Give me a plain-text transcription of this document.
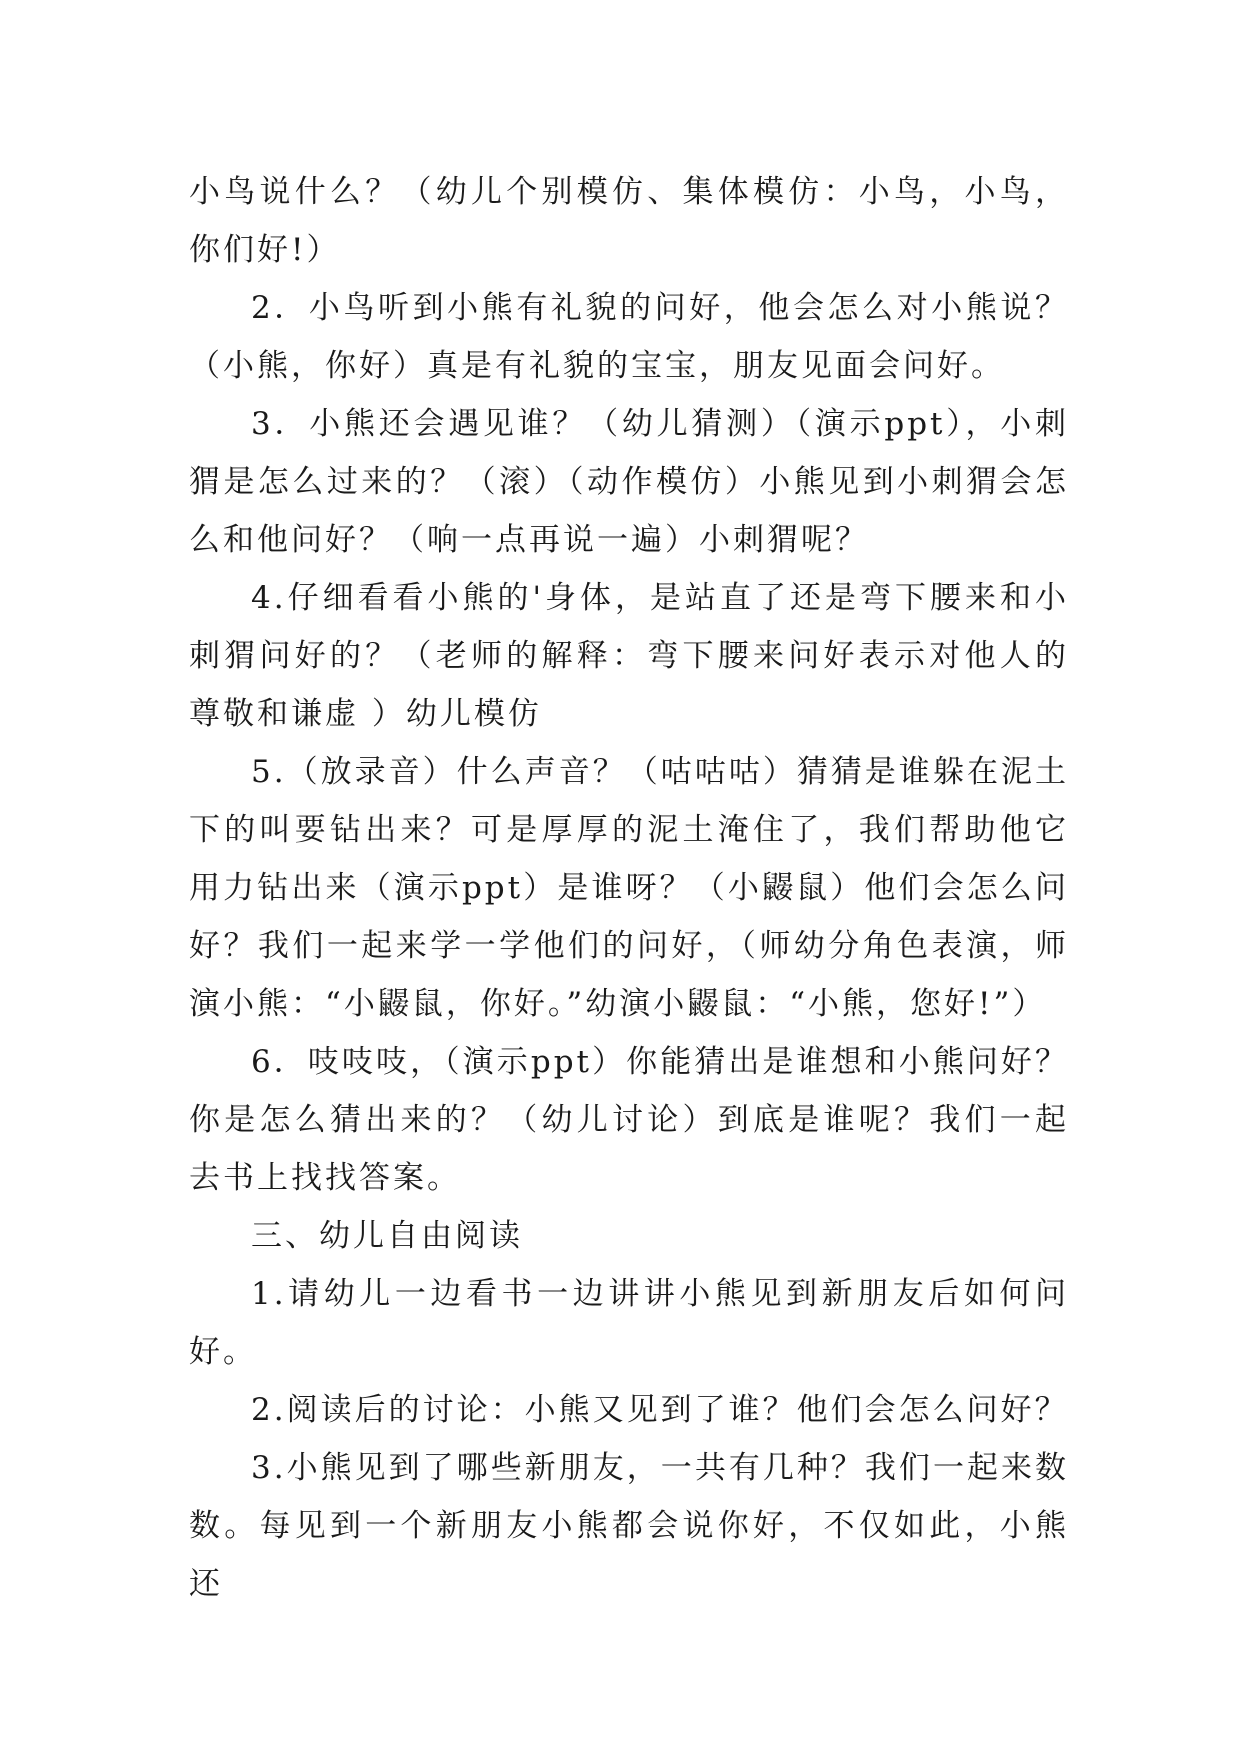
小鸟说什么？（幼儿个别模仿、集体模仿：小鸟，小鸟，你们好!）

2．小鸟听到小熊有礼貌的问好，他会怎么对小熊说？（小熊，你好）真是有礼貌的宝宝，朋友见面会问好。

3．小熊还会遇见谁？（幼儿猜测）（演示ppt），小刺猬是怎么过来的？（滚）（动作模仿）小熊见到小刺猬会怎么和他问好？（响一点再说一遍）小刺猬呢？

4.仔细看看小熊的'身体，是站直了还是弯下腰来和小刺猬问好的？（老师的解释：弯下腰来问好表示对他人的尊敬和谦虚 ）幼儿模仿

5.（放录音）什么声音？（咕咕咕）猜猜是谁躲在泥土下的叫要钻出来？可是厚厚的泥土淹住了，我们帮助他它用力钻出来（演示ppt）是谁呀？（小鼹鼠）他们会怎么问好？我们一起来学一学他们的问好，（师幼分角色表演，师演小熊：“小鼹鼠，你好。”幼演小鼹鼠：“小熊，您好!”）

6．吱吱吱，（演示ppt）你能猜出是谁想和小熊问好？你是怎么猜出来的？（幼儿讨论）到底是谁呢？我们一起去书上找找答案。

三、幼儿自由阅读

1.请幼儿一边看书一边讲讲小熊见到新朋友后如何问好。

2.阅读后的讨论：小熊又见到了谁？他们会怎么问好？

3.小熊见到了哪些新朋友，一共有几种？我们一起来数数。每见到一个新朋友小熊都会说你好，不仅如此，小熊还
